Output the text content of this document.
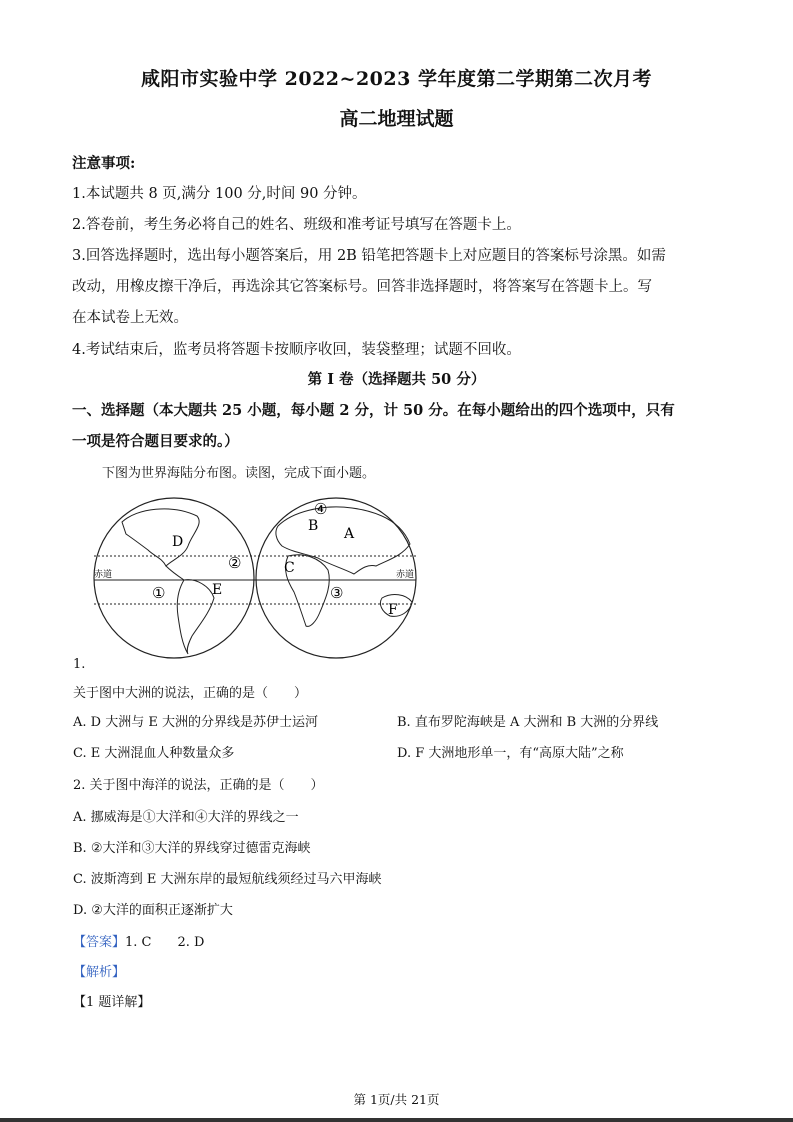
咸阳市实验中学 2022~2023 学年度第二学期第二次月考
高二地理试题
注意事项:
1.本试题共 8 页,满分 100 分,时间 90 分钟。
2.答卷前，考生务必将自己的姓名、班级和准考证号填写在答题卡上。
3.回答选择题时，选出每小题答案后，用 2B 铅笔把答题卡上对应题目的答案标号涂黑。如需
改动，用橡皮擦干净后，再选涂其它答案标号。回答非选择题时，将答案写在答题卡上。写
在本试卷上无效。
4.考试结束后，监考员将答题卡按顺序收回，装袋整理；试题不回收。
第 I 卷（选择题共 50 分）
一、选择题（本大题共 25 小题，每小题 2 分，计 50 分。在每小题给出的四个选项中，只有
一项是符合题目要求的。）
下图为世界海陆分布图。读图，完成下面小题。
赤道	赤道
D
E
②
①
④
B A
C
③
F
1.
关于图中大洲的说法，正确的是（　　）
A. D 大洲与 E 大洲的分界线是苏伊士运河	B. 直布罗陀海峡是 A 大洲和 B 大洲的分界线
C. E 大洲混血人种数量众多	D. F 大洲地形单一，有“高原大陆”之称
2. 关于图中海洋的说法，正确的是（　　）
A. 挪威海是①大洋和④大洋的界线之一
B. ②大洋和③大洋的界线穿过德雷克海峡
C. 波斯湾到 E 大洲东岸的最短航线须经过马六甲海峡
D. ②大洋的面积正逐渐扩大
【答案】1. C　　2. D
【解析】
【1 题详解】
第 1页/共 21页
